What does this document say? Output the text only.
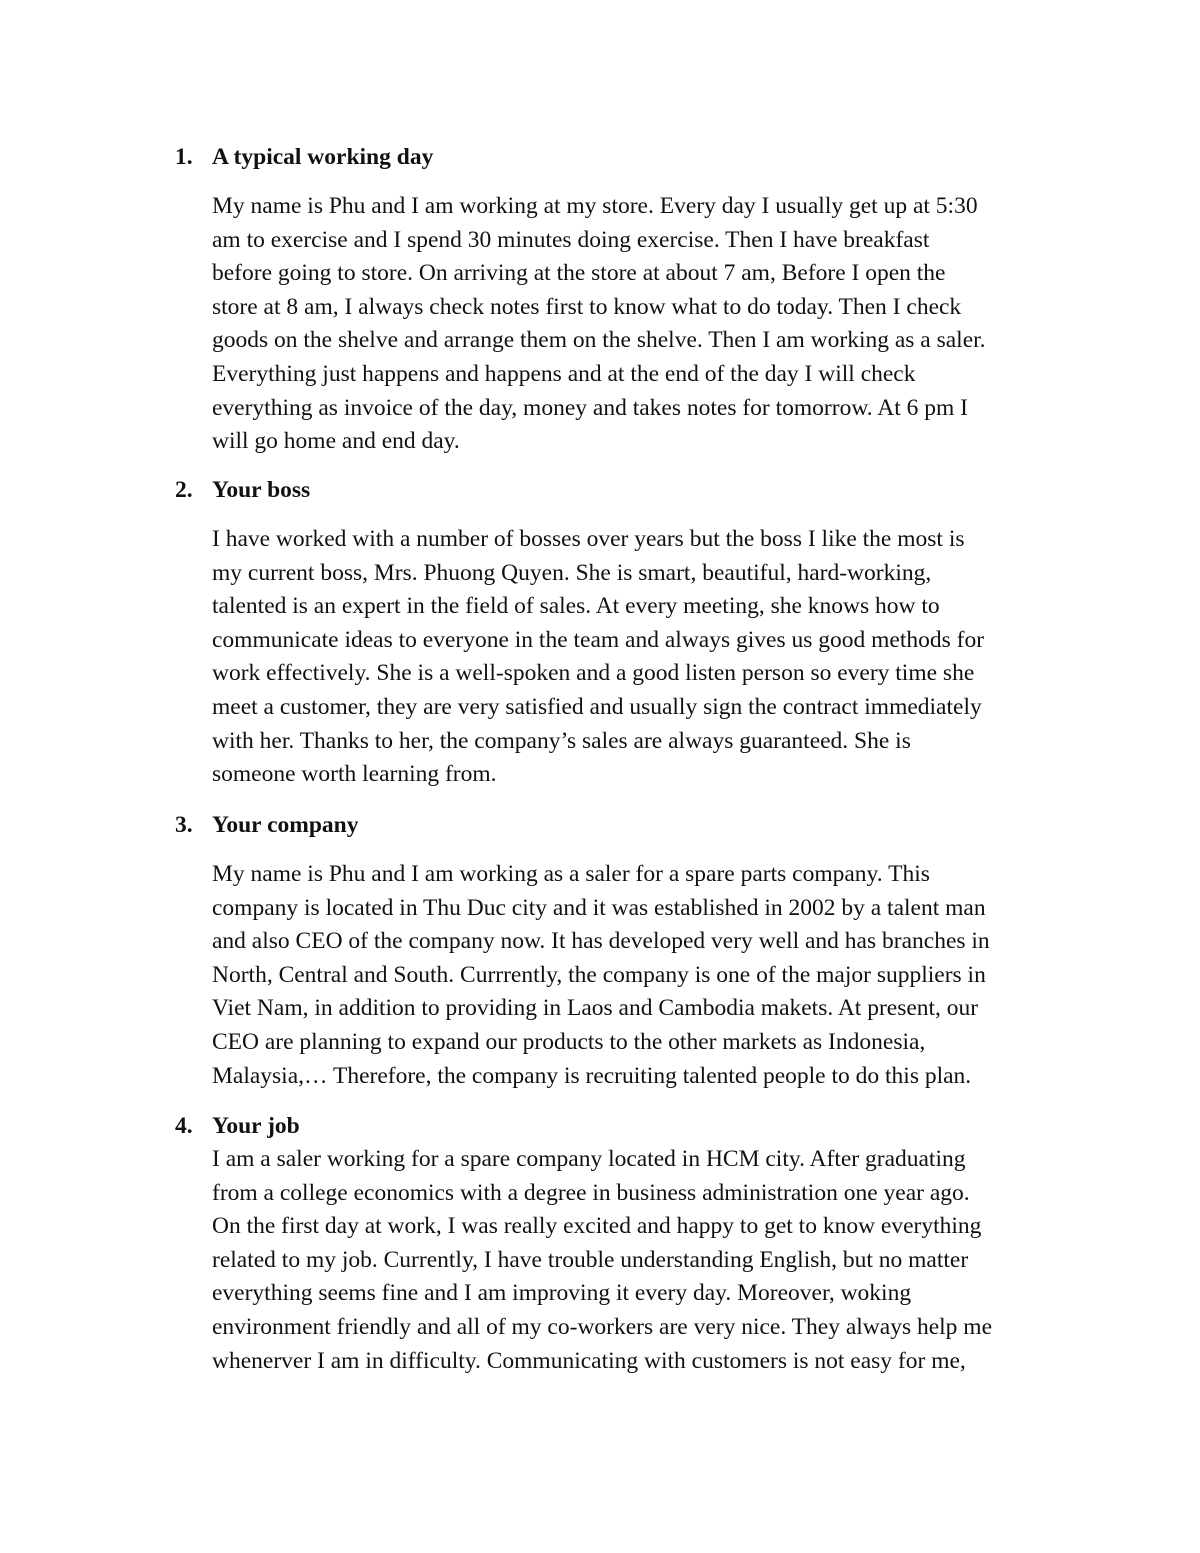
1. A typical working day

My name is Phu and I am working at my store. Every day I usually get up at 5:30
am to exercise and I spend 30 minutes doing exercise. Then I have breakfast
before going to store. On arriving at the store at about 7 am, Before I open the
store at 8 am, I always check notes first to know what to do today. Then I check
goods on the shelve and arrange them on the shelve. Then I am working as a saler.
Everything just happens and happens and at the end of the day I will check
everything as invoice of the day, money and takes notes for tomorrow. At 6 pm I
will go home and end day.

2. Your boss

I have worked with a number of bosses over years but the boss I like the most is
my current boss, Mrs. Phuong Quyen. She is smart, beautiful, hard-working,
talented is an expert in the field of sales. At every meeting, she knows how to
communicate ideas to everyone in the team and always gives us good methods for
work effectively. She is a well-spoken and a good listen person so every time she
meet a customer, they are very satisfied and usually sign the contract immediately
with her. Thanks to her, the company’s sales are always guaranteed. She is
someone worth learning from.

3. Your company

My name is Phu and I am working as a saler for a spare parts company. This
company is located in Thu Duc city and it was established in 2002 by a talent man
and also CEO of the company now. It has developed very well and has branches in
North, Central and South. Currrently, the company is one of the major suppliers in
Viet Nam, in addition to providing in Laos and Cambodia makets. At present, our
CEO are planning to expand our products to the other markets as Indonesia,
Malaysia,… Therefore, the company is recruiting talented people to do this plan.

4. Your job

I am a saler working for a spare company located in HCM city. After graduating
from a college economics with a degree in business administration one year ago.
On the first day at work, I was really excited and happy to get to know everything
related to my job. Currently, I have trouble understanding English, but no matter
everything seems fine and I am improving it every day. Moreover, woking
environment friendly and all of my co-workers are very nice. They always help me
whenerver I am in difficulty. Communicating with customers is not easy for me,
